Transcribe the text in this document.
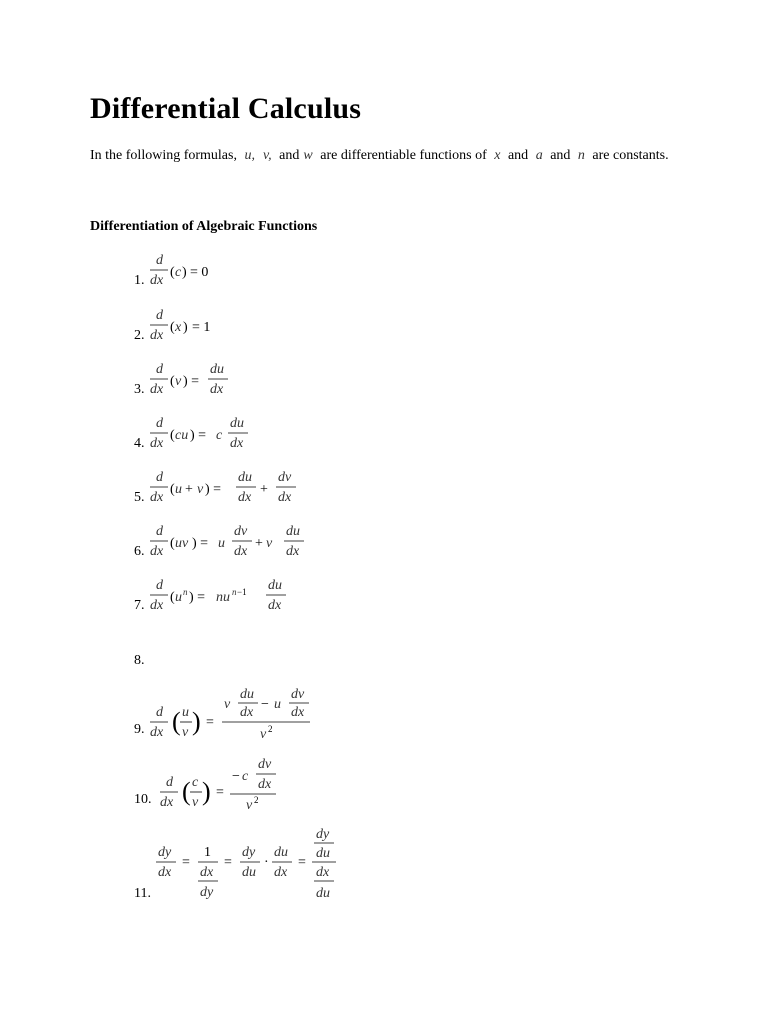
Differential Calculus

In the following formulas, u, v, and w are differentiable functions of x and a and n are constants.

Differentiation of Algebraic Functions
1.
d
dx
( c ) = 0
2.
d
dx
( x ) = 1
3.
d
dx
( v ) =
du
dx
4.
d
dx
( cu ) = c
du
dx
5.
d
dx
( u + v ) =
du
dx
+
dv
dx
6.
d
dx
( uv ) = u
dv
dx
+ v
du
dx
7.
d
dx
( u n ) = nu n −1 du
dx
8.
9.
d
dx ( u
v ) =
v
du
dx
− u
dv
dx
v 2
10.
d
dx ( c
v ) =
− c
dv
dx
v 2
11.
dy
dx
=
1
dx
dy
=
dy
du
·
du
dx
=
dy
du
dx
du
